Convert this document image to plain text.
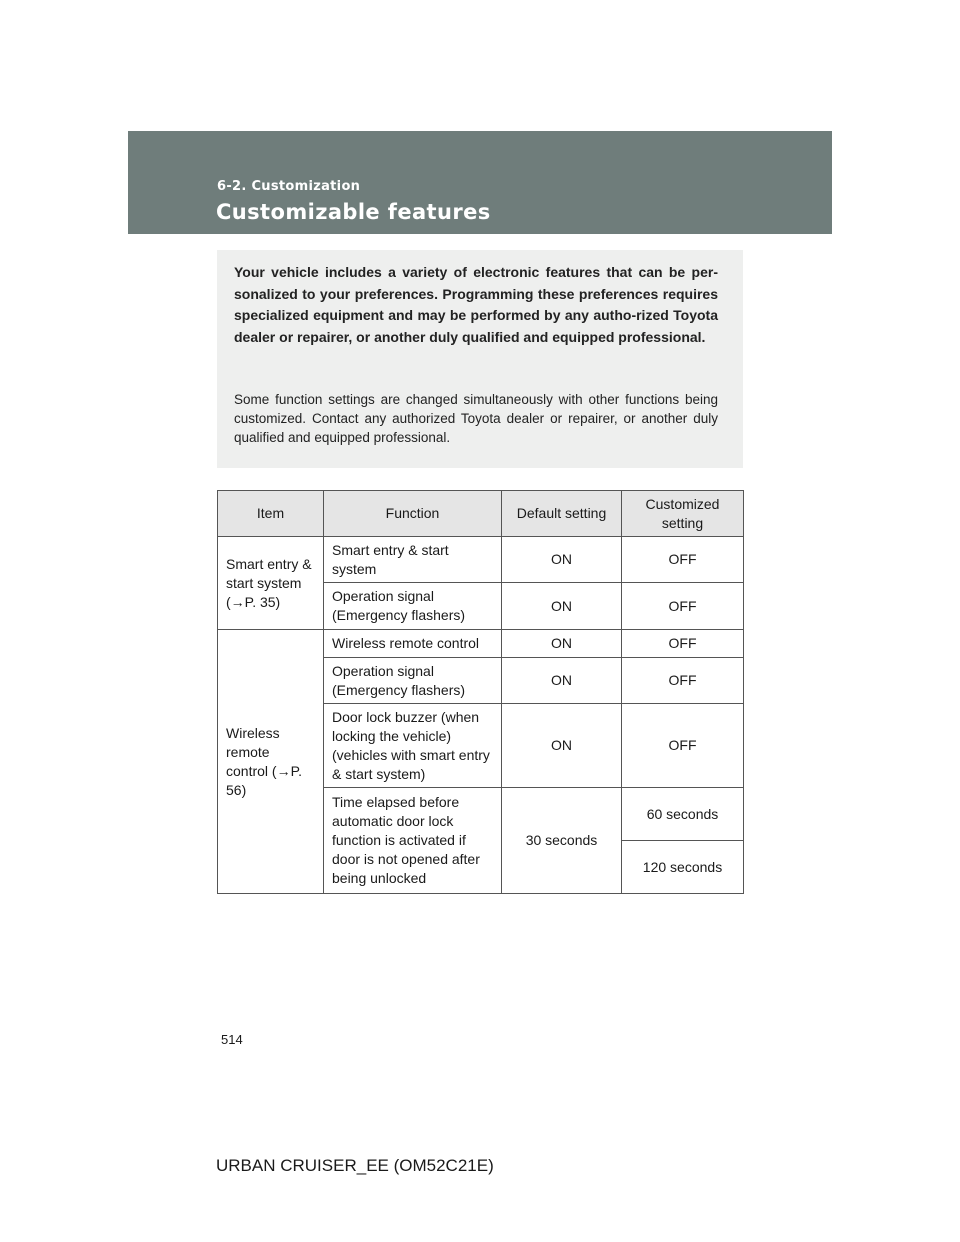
6-2. Customization
Customizable features
Your vehicle includes a variety of electronic features that can be per-sonalized to your preferences. Programming these preferences requires specialized equipment and may be performed by any autho-rized Toyota dealer or repairer, or another duly qualified and equipped professional.
Some function settings are changed simultaneously with other functions being customized. Contact any authorized Toyota dealer or repairer, or another duly qualified and equipped professional.
Item	Function	Default setting	Customized setting
Smart entry & start system (→P. 35)	Smart entry & start system	ON	OFF
	Operation signal (Emergency flashers)	ON	OFF
Wireless remote control (→P. 56)	Wireless remote control	ON	OFF
	Operation signal (Emergency flashers)	ON	OFF
	Door lock buzzer (when locking the vehicle) (vehicles with smart entry & start system)	ON	OFF
	Time elapsed before automatic door lock function is activated if door is not opened after being unlocked	30 seconds	60 seconds
			120 seconds
514
URBAN CRUISER_EE (OM52C21E)
